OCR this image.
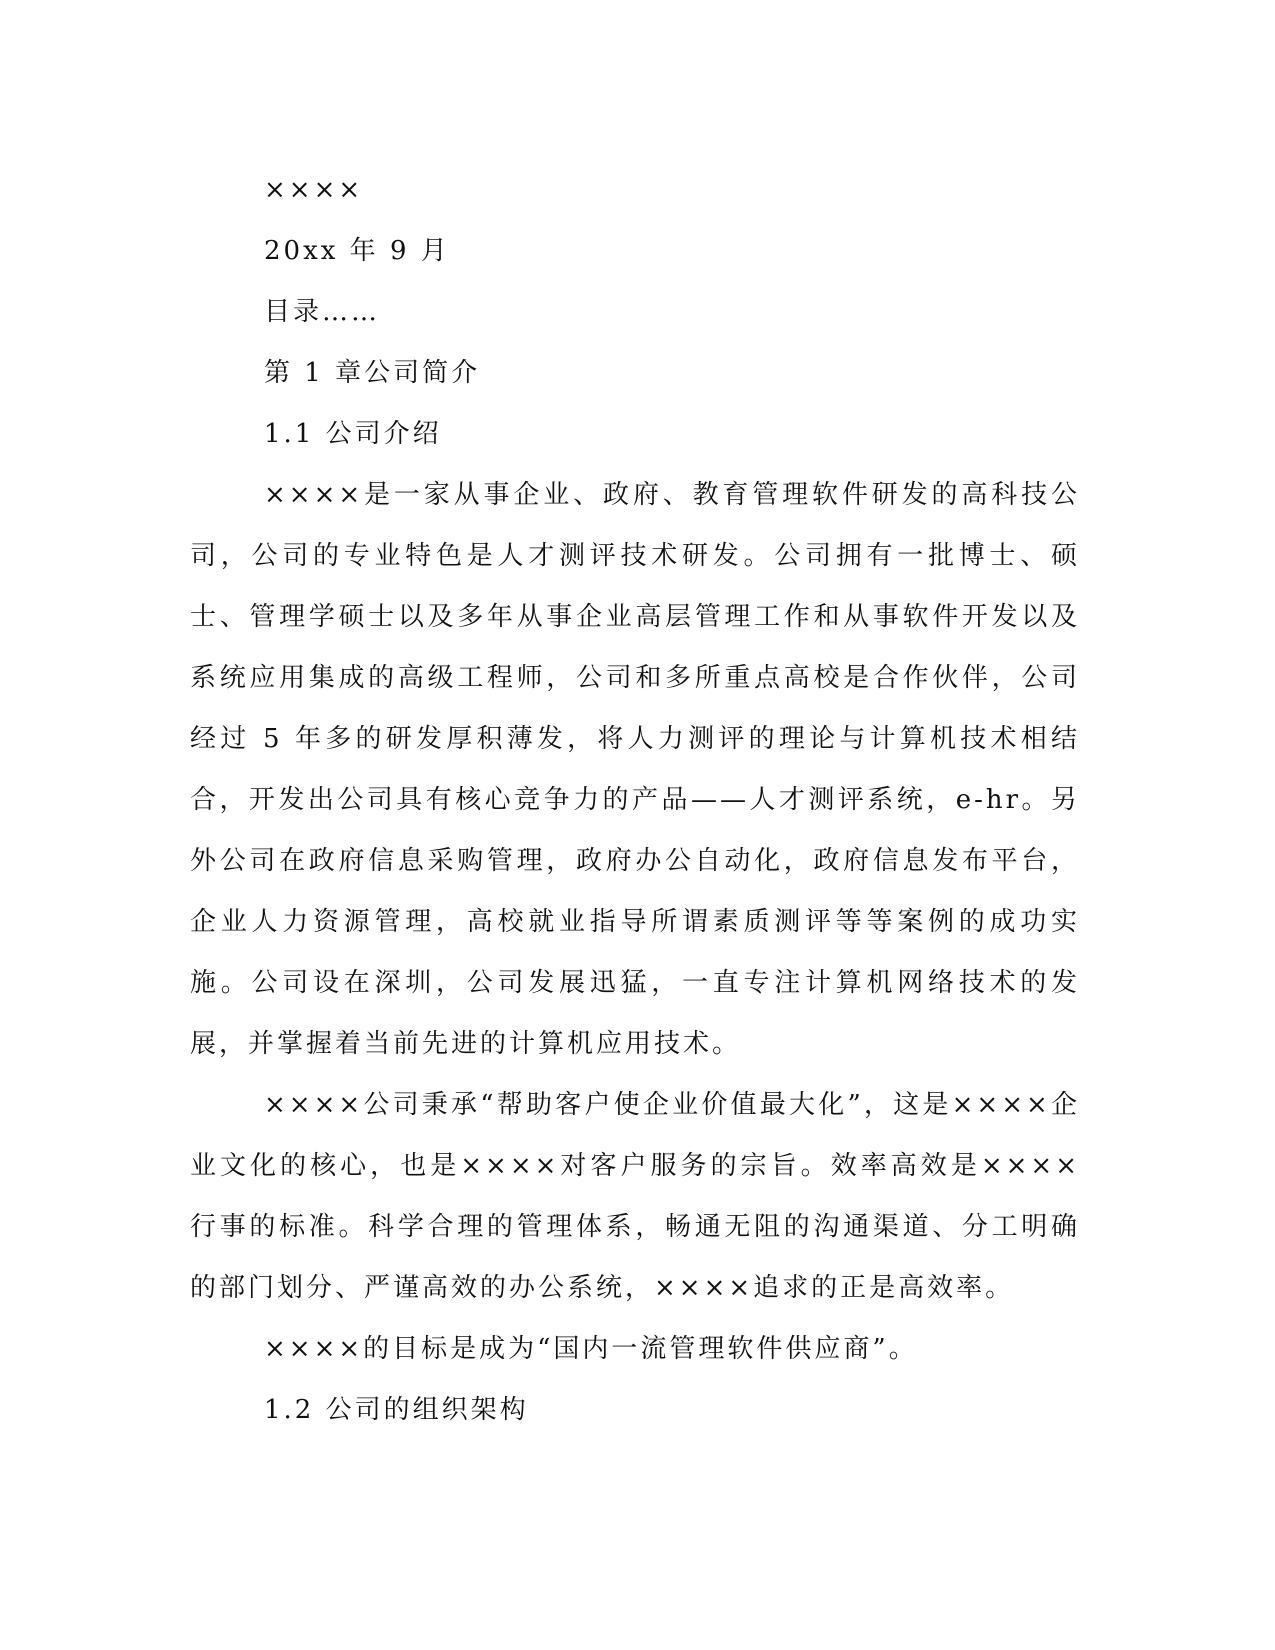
××××
20xx 年 9 月
目录……
第 1 章公司简介
1.1 公司介绍

××××是一家从事企业、政府、教育管理软件研发的高科技公司，公司的专业特色是人才测评技术研发。公司拥有一批博士、硕士、管理学硕士以及多年从事企业高层管理工作和从事软件开发以及系统应用集成的高级工程师，公司和多所重点高校是合作伙伴，公司经过 5 年多的研发厚积薄发，将人力测评的理论与计算机技术相结合，开发出公司具有核心竞争力的产品——人才测评系统，e-hr。另外公司在政府信息采购管理，政府办公自动化，政府信息发布平台，企业人力资源管理，高校就业指导所谓素质测评等等案例的成功实施。公司设在深圳，公司发展迅猛，一直专注计算机网络技术的发展，并掌握着当前先进的计算机应用技术。

××××公司秉承“帮助客户使企业价值最大化”，这是××××企业文化的核心，也是××××对客户服务的宗旨。效率高效是××××行事的标准。科学合理的管理体系，畅通无阻的沟通渠道、分工明确的部门划分、严谨高效的办公系统，××××追求的正是高效率。

××××的目标是成为“国内一流管理软件供应商”。

1.2 公司的组织架构
